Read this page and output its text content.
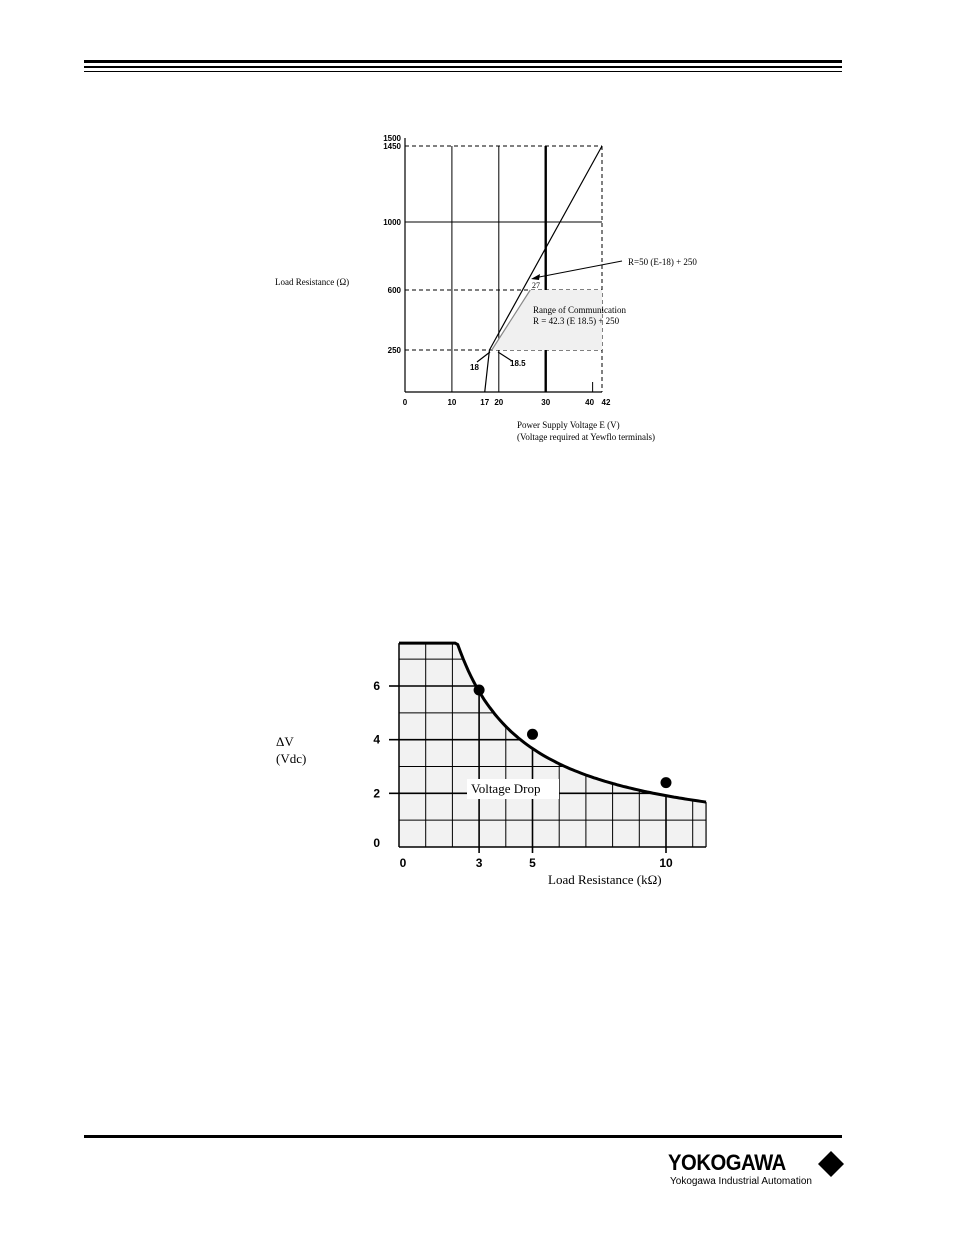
0	10	17 20	30	40 42
250
600
1000
1450
1500
Load Resistance (Ω)
Power Supply Voltage E (V)
(Voltage required at Yewflo terminals)
R=50 (E-18) + 250
27
Range of Communication
R = 42.3 (E 18.5) + 250
18	18.5
0	3	5	10
0
2
4
6
Voltage Drop
ΔV
(Vdc)
Load Resistance (kΩ)
YOKOGAWA
Yokogawa Industrial Automation
